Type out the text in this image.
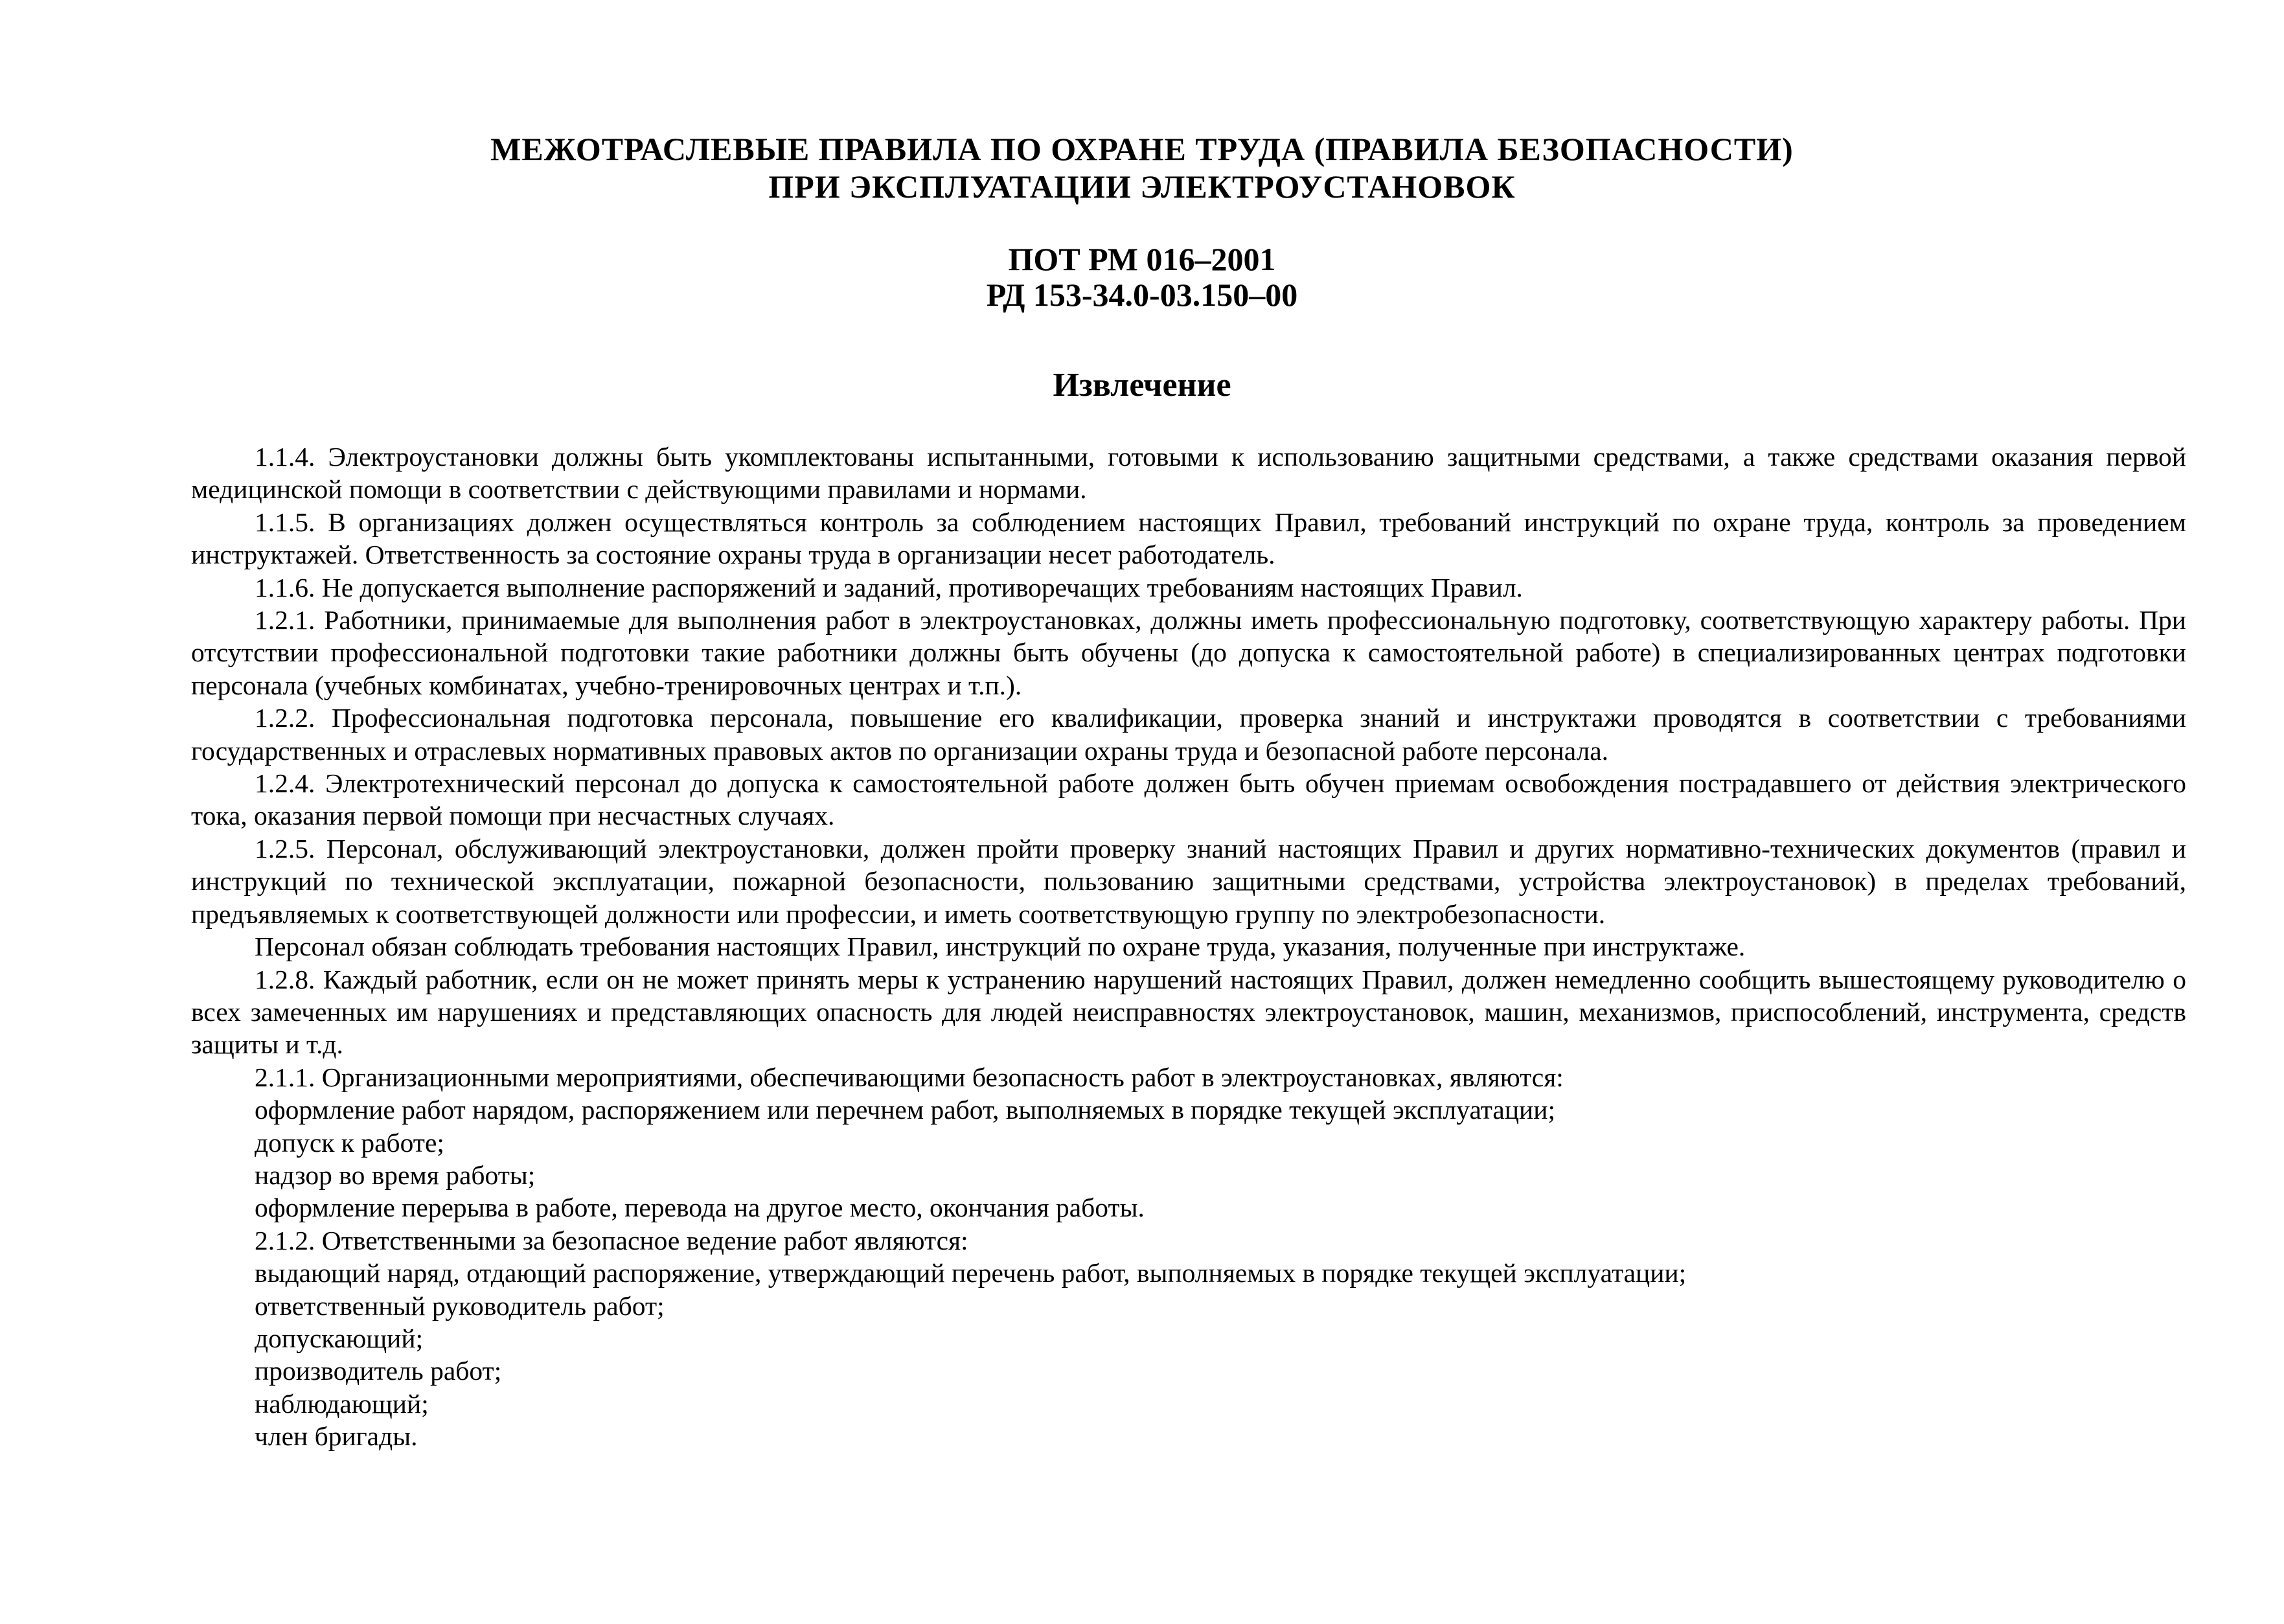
МЕЖОТРАСЛЕВЫЕ ПРАВИЛА ПО ОХРАНЕ ТРУДА (ПРАВИЛА БЕЗОПАСНОСТИ)
ПРИ ЭКСПЛУАТАЦИИ ЭЛЕКТРОУСТАНОВОК
ПОТ РМ 016–2001
РД 153-34.0-03.150–00
Извлечение

1.1.4. Электроустановки должны быть укомплектованы испытанными, готовыми к использованию защитными средствами, а также средствами оказания первой медицинской помощи в соответствии с действующими правилами и нормами.

1.1.5. В организациях должен осуществляться контроль за соблюдением настоящих Правил, требований инструкций по охране труда, контроль за проведением инструктажей. Ответственность за состояние охраны труда в организации несет работодатель.

1.1.6. Не допускается выполнение распоряжений и заданий, противоречащих требованиям настоящих Правил.

1.2.1. Работники, принимаемые для выполнения работ в электроустановках, должны иметь профессиональную подготовку, соответствующую характеру работы. При отсутствии профессиональной подготовки такие работники должны быть обучены (до допуска к самостоятельной работе) в специализированных центрах подготовки персонала (учебных комбинатах, учебно-тренировочных центрах и т.п.).

1.2.2. Профессиональная подготовка персонала, повышение его квалификации, проверка знаний и инструктажи проводятся в соответствии с требованиями государственных и отраслевых нормативных правовых актов по организации охраны труда и безопасной работе персонала.

1.2.4. Электротехнический персонал до допуска к самостоятельной работе должен быть обучен приемам освобождения пострадавшего от действия электрического тока, оказания первой помощи при несчастных случаях.

1.2.5. Персонал, обслуживающий электроустановки, должен пройти проверку знаний настоящих Правил и других нормативно-технических документов (правил и инструкций по технической эксплуатации, пожарной безопасности, пользованию защитными средствами, устройства электроустановок) в пределах требований, предъявляемых к соответствующей должности или профессии, и иметь соответствующую группу по электробезопасности.

Персонал обязан соблюдать требования настоящих Правил, инструкций по охране труда, указания, полученные при инструктаже.

1.2.8. Каждый работник, если он не может принять меры к устранению нарушений настоящих Правил, должен немедленно сообщить вышестоящему руководителю о всех замеченных им нарушениях и представляющих опасность для людей неисправностях электроустановок, машин, механизмов, приспособлений, инструмента, средств защиты и т.д.

2.1.1. Организационными мероприятиями, обеспечивающими безопасность работ в электроустановках, являются:

оформление работ нарядом, распоряжением или перечнем работ, выполняемых в порядке текущей эксплуатации;

допуск к работе;

надзор во время работы;

оформление перерыва в работе, перевода на другое место, окончания работы.

2.1.2. Ответственными за безопасное ведение работ являются:

выдающий наряд, отдающий распоряжение, утверждающий перечень работ, выполняемых в порядке текущей эксплуатации;

ответственный руководитель работ;

допускающий;

производитель работ;

наблюдающий;

член бригады.
